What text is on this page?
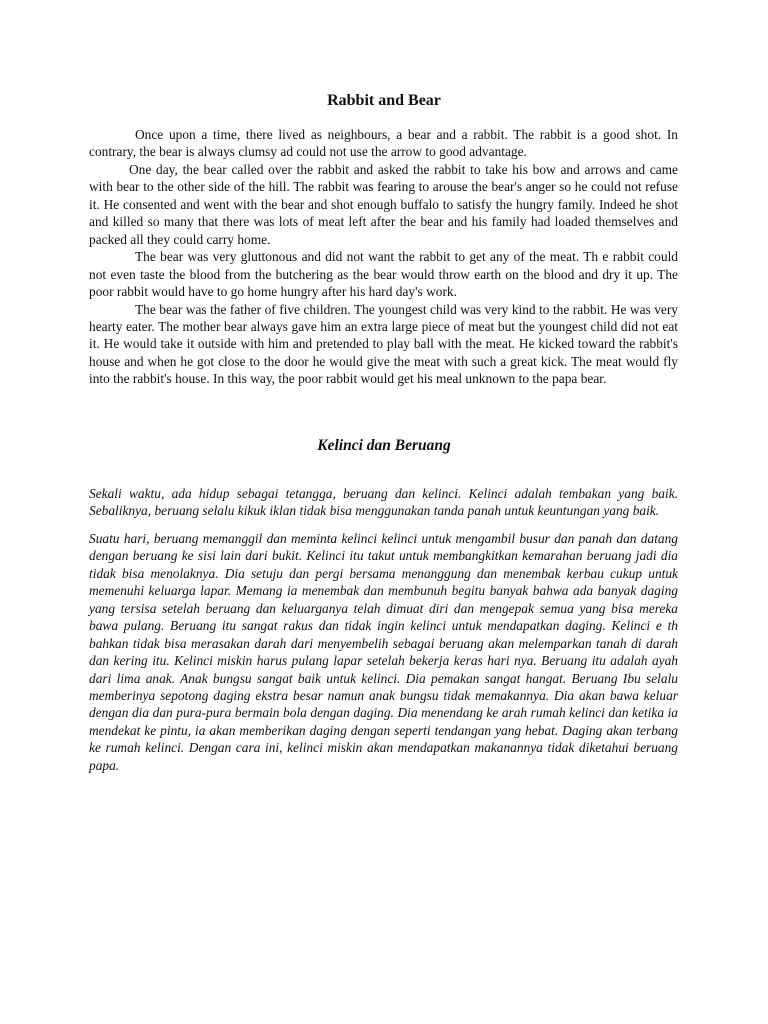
Rabbit and Bear

Once upon a time, there lived as neighbours, a bear and a rabbit. The rabbit is a good shot. In contrary, the bear is always clumsy ad could not use the arrow to good advantage.

One day, the bear called over the rabbit and asked the rabbit to take his bow and arrows and came with bear to the other side of the hill. The rabbit was fearing to arouse the bear's anger so he could not refuse it. He consented and went with the bear and shot enough buffalo to satisfy the hungry family. Indeed he shot and killed so many that there was lots of meat left after the bear and his family had loaded themselves and packed all they could carry home.

The bear was very gluttonous and did not want the rabbit to get any of the meat. Th e rabbit could not even taste the blood from the butchering as the bear would throw earth on the blood and dry it up. The poor rabbit would have to go home hungry after his hard day's work.

The bear was the father of five children. The youngest child was very kind to the rabbit. He was very hearty eater. The mother bear always gave him an extra large piece of meat but the youngest child did not eat it. He would take it outside with him and pretended to play ball with the meat. He kicked toward the rabbit's house and when he got close to the door he would give the meat with such a great kick. The meat would fly into the rabbit's house. In this way, the poor rabbit would get his meal unknown to the papa bear.

Kelinci dan Beruang

Sekali waktu, ada hidup sebagai tetangga, beruang dan kelinci. Kelinci adalah tembakan yang baik. Sebaliknya, beruang selalu kikuk iklan tidak bisa menggunakan tanda panah untuk keuntungan yang baik.

Suatu hari, beruang memanggil dan meminta kelinci kelinci untuk mengambil busur dan panah dan datang dengan beruang ke sisi lain dari bukit. Kelinci itu takut untuk membangkitkan kemarahan beruang jadi dia tidak bisa menolaknya. Dia setuju dan pergi bersama menanggung dan menembak kerbau cukup untuk memenuhi keluarga lapar. Memang ia menembak dan membunuh begitu banyak bahwa ada banyak daging yang tersisa setelah beruang dan keluarganya telah dimuat diri dan mengepak semua yang bisa mereka bawa pulang. Beruang itu sangat rakus dan tidak ingin kelinci untuk mendapatkan daging. Kelinci e th bahkan tidak bisa merasakan darah dari menyembelih sebagai beruang akan melemparkan tanah di darah dan kering itu. Kelinci miskin harus pulang lapar setelah bekerja keras hari nya. Beruang itu adalah ayah dari lima anak. Anak bungsu sangat baik untuk kelinci. Dia pemakan sangat hangat. Beruang Ibu selalu memberinya sepotong daging ekstra besar namun anak bungsu tidak memakannya. Dia akan bawa keluar dengan dia dan pura-pura bermain bola dengan daging. Dia menendang ke arah rumah kelinci dan ketika ia mendekat ke pintu, ia akan memberikan daging dengan seperti tendangan yang hebat. Daging akan terbang ke rumah kelinci. Dengan cara ini, kelinci miskin akan mendapatkan makanannya tidak diketahui beruang papa.
